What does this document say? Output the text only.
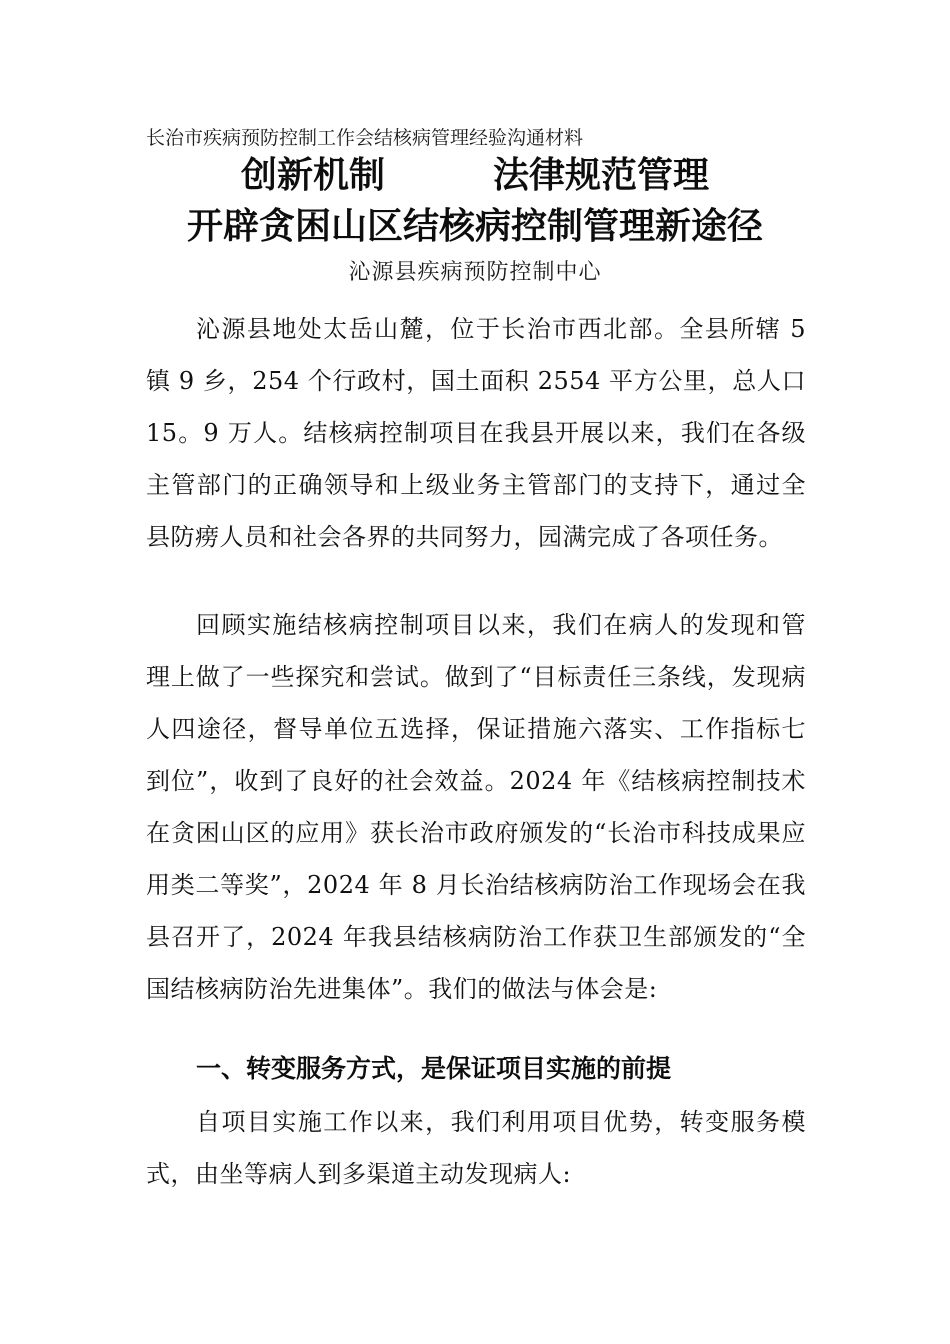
长治市疾病预防控制工作会结核病管理经验沟通材料
创新机制	法律规范管理
开辟贪困山区结核病控制管理新途径
沁源县疾病预防控制中心

沁源县地处太岳山麓，位于长治市西北部。全县所辖 5 镇 9 乡，254 个行政村，国土面积 2554 平方公里，总人口 15。9 万人。结核病控制项目在我县开展以来，我们在各级主管部门的正确领导和上级业务主管部门的支持下，通过全县防痨人员和社会各界的共同努力，园满完成了各项任务。

回顾实施结核病控制项目以来，我们在病人的发现和管理上做了一些探究和尝试。做到了“目标责任三条线，发现病人四途径，督导单位五选择，保证措施六落实、工作指标七到位”，收到了良好的社会效益。2024 年《结核病控制技术在贪困山区的应用》获长治市政府颁发的“长治市科技成果应用类二等奖”，2024 年 8 月长治结核病防治工作现场会在我县召开了，2024 年我县结核病防治工作获卫生部颁发的“全国结核病防治先进集体”。我们的做法与体会是:

一、转变服务方式，是保证项目实施的前提

自项目实施工作以来，我们利用项目优势，转变服务模式，由坐等病人到多渠道主动发现病人:
